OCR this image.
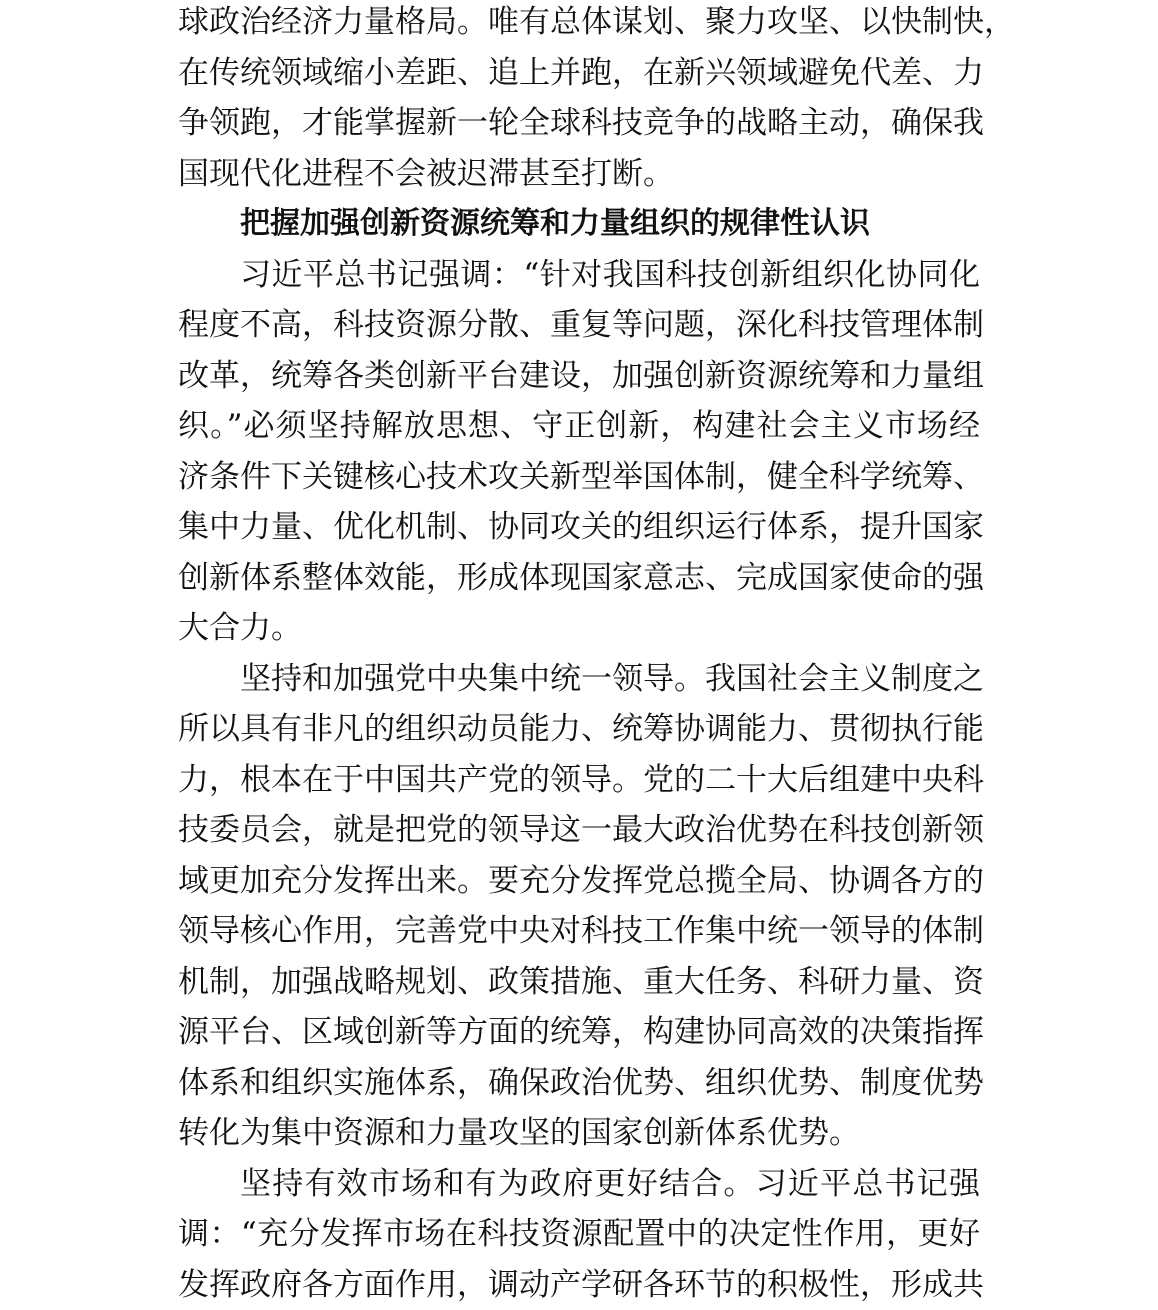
球政治经济力量格局。唯有总体谋划、聚力攻坚、以快制快，
在传统领域缩小差距、追上并跑，在新兴领域避免代差、力
争领跑，才能掌握新一轮全球科技竞争的战略主动，确保我
国现代化进程不会被迟滞甚至打断。
把握加强创新资源统筹和力量组织的规律性认识
习近平总书记强调：“针对我国科技创新组织化协同化
程度不高，科技资源分散、重复等问题，深化科技管理体制
改革，统筹各类创新平台建设，加强创新资源统筹和力量组
织。”必须坚持解放思想、守正创新，构建社会主义市场经
济条件下关键核心技术攻关新型举国体制，健全科学统筹、
集中力量、优化机制、协同攻关的组织运行体系，提升国家
创新体系整体效能，形成体现国家意志、完成国家使命的强
大合力。
坚持和加强党中央集中统一领导。我国社会主义制度之
所以具有非凡的组织动员能力、统筹协调能力、贯彻执行能
力，根本在于中国共产党的领导。党的二十大后组建中央科
技委员会，就是把党的领导这一最大政治优势在科技创新领
域更加充分发挥出来。要充分发挥党总揽全局、协调各方的
领导核心作用，完善党中央对科技工作集中统一领导的体制
机制，加强战略规划、政策措施、重大任务、科研力量、资
源平台、区域创新等方面的统筹，构建协同高效的决策指挥
体系和组织实施体系，确保政治优势、组织优势、制度优势
转化为集中资源和力量攻坚的国家创新体系优势。
坚持有效市场和有为政府更好结合。习近平总书记强
调：“充分发挥市场在科技资源配置中的决定性作用，更好
发挥政府各方面作用，调动产学研各环节的积极性，形成共
